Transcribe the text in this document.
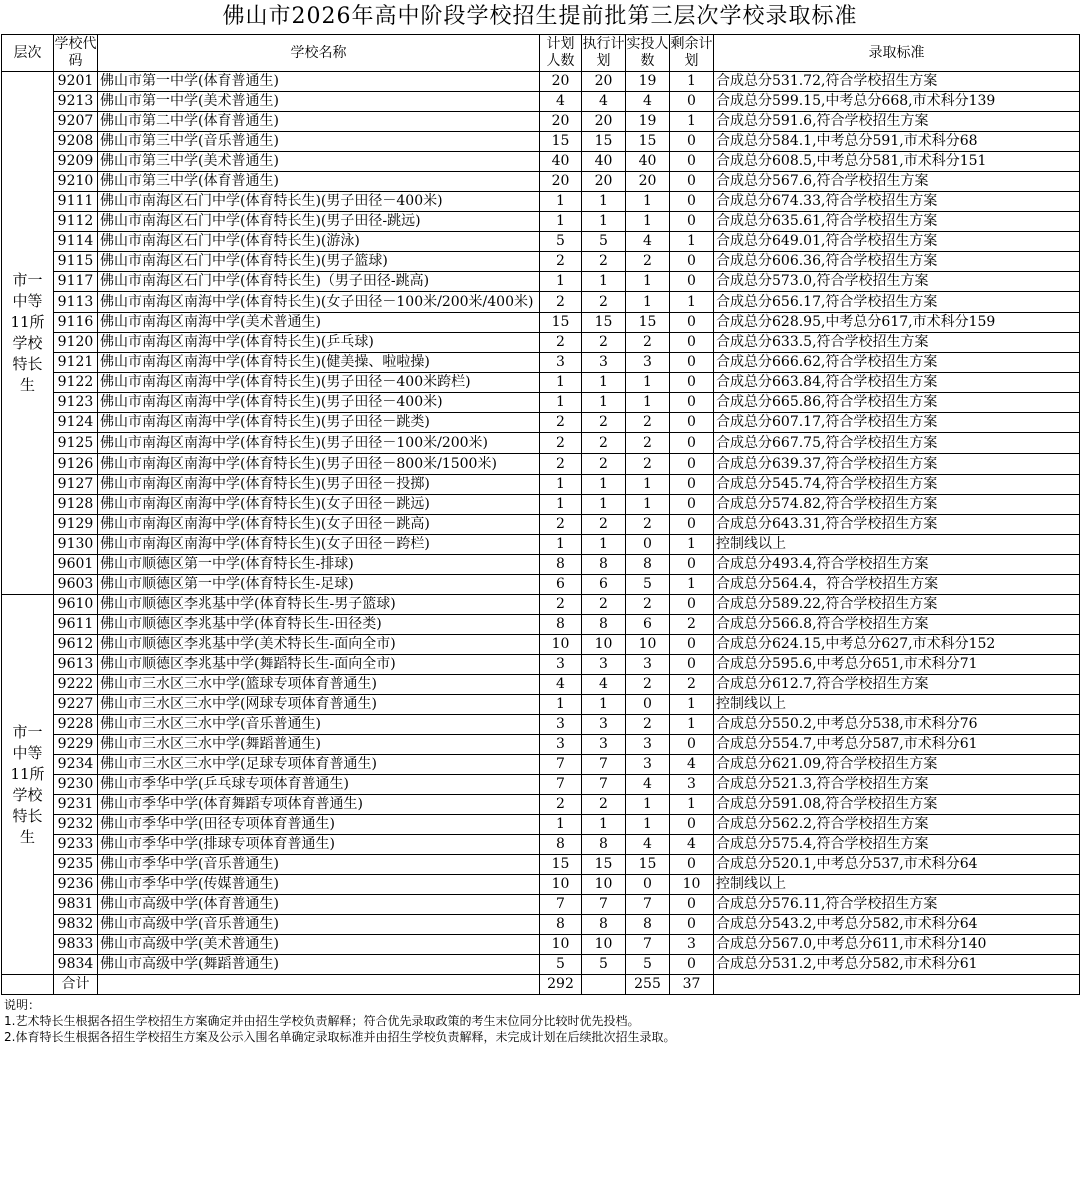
佛山市2026年高中阶段学校招生提前批第三层次学校录取标准
层次	学校代码	学校名称	计划人数	执行计划	实投人数	剩余计划	录取标准
市一中等11所学校特长生	9201	佛山市第一中学(体育普通生)	20	20	19	1	合成总分531.72,符合学校招生方案
	9213	佛山市第一中学(美术普通生)	4	4	4	0	合成总分599.15,中考总分668,市术科分139
	9207	佛山市第二中学(体育普通生)	20	20	19	1	合成总分591.6,符合学校招生方案
	9208	佛山市第三中学(音乐普通生)	15	15	15	0	合成总分584.1,中考总分591,市术科分68
	9209	佛山市第三中学(美术普通生)	40	40	40	0	合成总分608.5,中考总分581,市术科分151
	9210	佛山市第三中学(体育普通生)	20	20	20	0	合成总分567.6,符合学校招生方案
	9111	佛山市南海区石门中学(体育特长生)(男子田径－400米)	1	1	1	0	合成总分674.33,符合学校招生方案
	9112	佛山市南海区石门中学(体育特长生)(男子田径-跳远)	1	1	1	0	合成总分635.61,符合学校招生方案
	9114	佛山市南海区石门中学(体育特长生)(游泳)	5	5	4	1	合成总分649.01,符合学校招生方案
	9115	佛山市南海区石门中学(体育特长生)(男子篮球)	2	2	2	0	合成总分606.36,符合学校招生方案
	9117	佛山市南海区石门中学(体育特长生)（男子田径-跳高)	1	1	1	0	合成总分573.0,符合学校招生方案
	9113	佛山市南海区南海中学(体育特长生)(女子田径－100米/200米/400米)	2	2	1	1	合成总分656.17,符合学校招生方案
	9116	佛山市南海区南海中学(美术普通生)	15	15	15	0	合成总分628.95,中考总分617,市术科分159
	9120	佛山市南海区南海中学(体育特长生)(乒乓球)	2	2	2	0	合成总分633.5,符合学校招生方案
	9121	佛山市南海区南海中学(体育特长生)(健美操、啦啦操)	3	3	3	0	合成总分666.62,符合学校招生方案
	9122	佛山市南海区南海中学(体育特长生)(男子田径－400米跨栏)	1	1	1	0	合成总分663.84,符合学校招生方案
	9123	佛山市南海区南海中学(体育特长生)(男子田径－400米)	1	1	1	0	合成总分665.86,符合学校招生方案
	9124	佛山市南海区南海中学(体育特长生)(男子田径－跳类)	2	2	2	0	合成总分607.17,符合学校招生方案
	9125	佛山市南海区南海中学(体育特长生)(男子田径－100米/200米)	2	2	2	0	合成总分667.75,符合学校招生方案
	9126	佛山市南海区南海中学(体育特长生)(男子田径－800米/1500米)	2	2	2	0	合成总分639.37,符合学校招生方案
	9127	佛山市南海区南海中学(体育特长生)(男子田径－投掷)	1	1	1	0	合成总分545.74,符合学校招生方案
	9128	佛山市南海区南海中学(体育特长生)(女子田径－跳远)	1	1	1	0	合成总分574.82,符合学校招生方案
	9129	佛山市南海区南海中学(体育特长生)(女子田径－跳高)	2	2	2	0	合成总分643.31,符合学校招生方案
	9130	佛山市南海区南海中学(体育特长生)(女子田径－跨栏)	1	1	0	1	控制线以上
	9601	佛山市顺德区第一中学(体育特长生-排球)	8	8	8	0	合成总分493.4,符合学校招生方案
	9603	佛山市顺德区第一中学(体育特长生-足球)	6	6	5	1	合成总分564.4，符合学校招生方案
市一中等11所学校特长生	9610	佛山市顺德区李兆基中学(体育特长生-男子篮球)	2	2	2	0	合成总分589.22,符合学校招生方案
	9611	佛山市顺德区李兆基中学(体育特长生-田径类)	8	8	6	2	合成总分566.8,符合学校招生方案
	9612	佛山市顺德区李兆基中学(美术特长生-面向全市)	10	10	10	0	合成总分624.15,中考总分627,市术科分152
	9613	佛山市顺德区李兆基中学(舞蹈特长生-面向全市)	3	3	3	0	合成总分595.6,中考总分651,市术科分71
	9222	佛山市三水区三水中学(篮球专项体育普通生)	4	4	2	2	合成总分612.7,符合学校招生方案
	9227	佛山市三水区三水中学(网球专项体育普通生)	1	1	0	1	控制线以上
	9228	佛山市三水区三水中学(音乐普通生)	3	3	2	1	合成总分550.2,中考总分538,市术科分76
	9229	佛山市三水区三水中学(舞蹈普通生)	3	3	3	0	合成总分554.7,中考总分587,市术科分61
	9234	佛山市三水区三水中学(足球专项体育普通生)	7	7	3	4	合成总分621.09,符合学校招生方案
	9230	佛山市季华中学(乒乓球专项体育普通生)	7	7	4	3	合成总分521.3,符合学校招生方案
	9231	佛山市季华中学(体育舞蹈专项体育普通生)	2	2	1	1	合成总分591.08,符合学校招生方案
	9232	佛山市季华中学(田径专项体育普通生)	1	1	1	0	合成总分562.2,符合学校招生方案
	9233	佛山市季华中学(排球专项体育普通生)	8	8	4	4	合成总分575.4,符合学校招生方案
	9235	佛山市季华中学(音乐普通生)	15	15	15	0	合成总分520.1,中考总分537,市术科分64
	9236	佛山市季华中学(传媒普通生)	10	10	0	10	控制线以上
	9831	佛山市高级中学(体育普通生)	7	7	7	0	合成总分576.11,符合学校招生方案
	9832	佛山市高级中学(音乐普通生)	8	8	8	0	合成总分543.2,中考总分582,市术科分64
	9833	佛山市高级中学(美术普通生)	10	10	7	3	合成总分567.0,中考总分611,市术科分140
	9834	佛山市高级中学(舞蹈普通生)	5	5	5	0	合成总分531.2,中考总分582,市术科分61
	合计		292		255	37	
说明：
1.艺术特长生根据各招生学校招生方案确定并由招生学校负责解释；符合优先录取政策的考生末位同分比较时优先投档。
2.体育特长生根据各招生学校招生方案及公示入围名单确定录取标准并由招生学校负责解释，未完成计划在后续批次招生录取。
